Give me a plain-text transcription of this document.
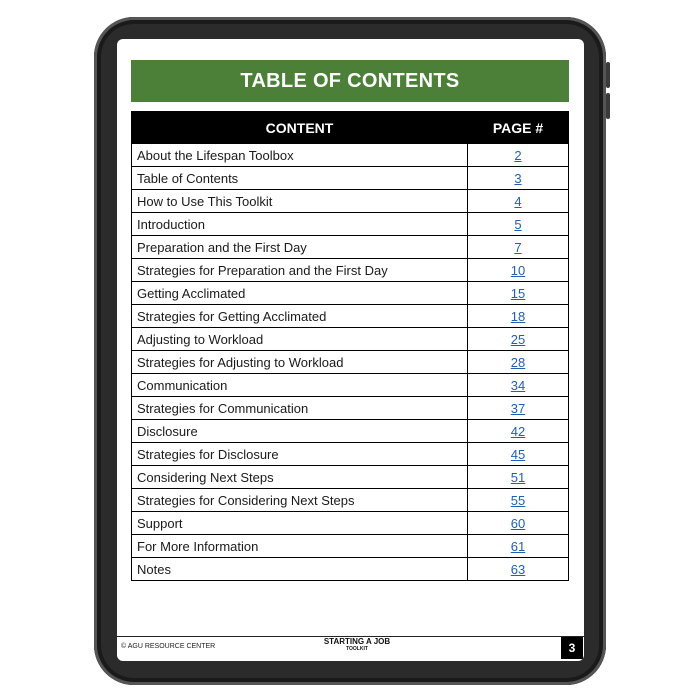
TABLE OF CONTENTS
CONTENT	PAGE #
About the Lifespan Toolbox	2
Table of Contents	3
How to Use This Toolkit	4
Introduction	5
Preparation and the First Day	7
Strategies for Preparation and the First Day	10
Getting Acclimated	15
Strategies for Getting Acclimated	18
Adjusting to Workload	25
Strategies for Adjusting to Workload	28
Communication	34
Strategies for Communication	37
Disclosure	42
Strategies for Disclosure	45
Considering Next Steps	51
Strategies for Considering Next Steps	55
Support	60
For More Information	61
Notes	63
© AGU RESOURCE CENTER
STARTING A JOB
TOOLKIT	3
